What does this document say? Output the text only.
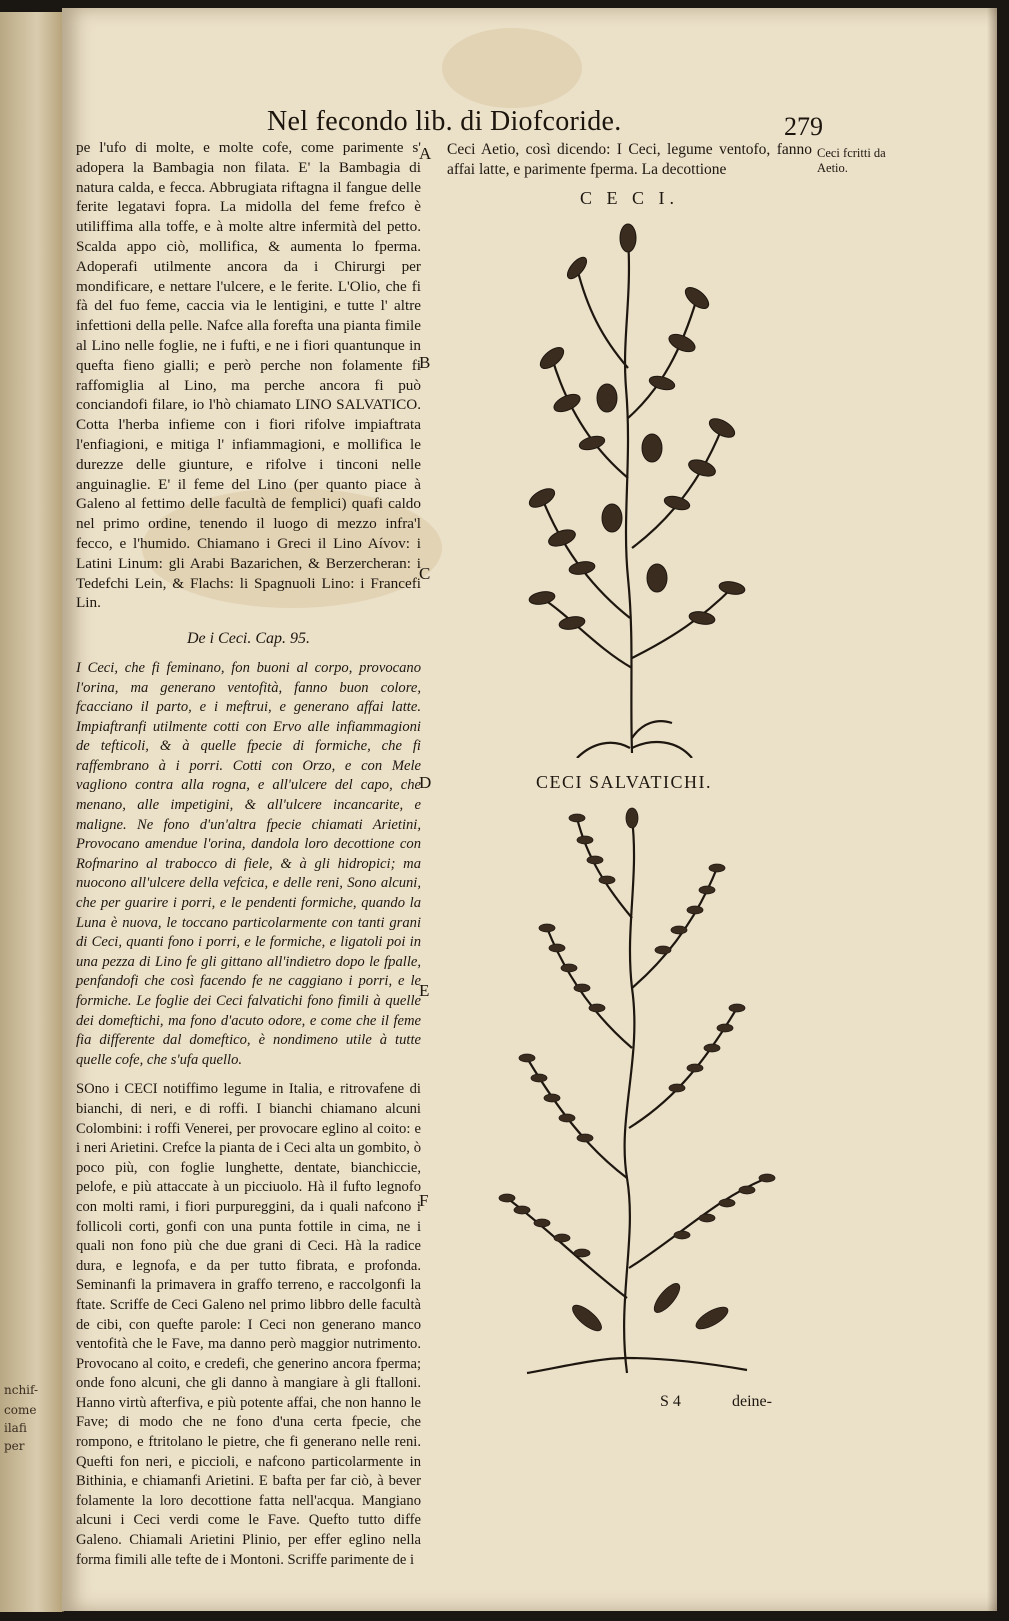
nchif-
come
ilafi
per
Nel fecondo lib. di Diofcoride.	279

pe l'ufo di molte, e molte cofe, come parimente s' adopera la Bambagia non filata. E' la Bambagia di natura calda, e fecca. Abbrugiata riftagna il fangue delle ferite legatavi fopra. La midolla del feme frefco è utiliffima alla toffe, e à molte altre infermità del petto. Scalda appo ciò, mollifica, & aumenta lo fperma. Adoperafi utilmente ancora da i Chirurgi per mondificare, e nettare l'ulcere, e le ferite. L'Olio, che fi fà del fuo feme, caccia via le lentigini, e tutte l' altre infettioni della pelle. Nafce alla forefta una pianta fimile al Lino nelle foglie, ne i fufti, e ne i fiori quantunque in quefta fieno gialli; e però perche non folamente fi raffomiglia al Lino, ma perche ancora fi può conciandofi filare, io l'hò chiamato LINO SALVATICO. Cotta l'herba infieme con i fiori rifolve impiaftrata l'enfiagioni, e mitiga l' infiammagioni, e mollifica le durezze delle giunture, e rifolve i tinconi nelle anguinaglie. E' il feme del Lino (per quanto piace à Galeno al fettimo delle facultà de femplici) quafi caldo nel primo ordine, tenendo il luogo di mezzo infra'l fecco, e l'humido. Chiamano i Greci il Lino Aívov: i Latini Linum: gli Arabi Bazarichen, & Berzercheran: i Tedefchi Lein, & Flachs: li Spagnuoli Lino: i Francefi Lin.

De i Ceci. Cap. 95.

I Ceci, che fi feminano, fon buoni al corpo, provocano l'orina, ma generano ventofità, fanno buon colore, fcacciano il parto, e i meftrui, e generano affai latte. Impiaftranfi utilmente cotti con Ervo alle infiammagioni de tefticoli, & à quelle fpecie di formiche, che fi raffembrano à i porri. Cotti con Orzo, e con Mele vagliono contra alla rogna, e all'ulcere del capo, che menano, alle impetigini, & all'ulcere incancarite, e maligne. Ne fono d'un'altra fpecie chiamati Arietini, Provocano amendue l'orina, dandola loro decottione con Rofmarino al trabocco di fiele, & à gli hidropici; ma nuocono all'ulcere della vefcica, e delle reni, Sono alcuni, che per guarire i porri, e le pendenti formiche, quando la Luna è nuova, le toccano particolarmente con tanti grani di Ceci, quanti fono i porri, e le formiche, e ligatoli poi in una pezza di Lino fe gli gittano all'indietro dopo le fpalle, penfandofi che così facendo fe ne caggiano i porri, e le formiche. Le foglie dei Ceci falvatichi fono fimili à quelle dei domeftichi, ma fono d'acuto odore, e come che il feme fia differente dal domeftico, è nondimeno utile à tutte quelle cofe, che s'ufa quello.

SOno i CECI notiffimo legume in Italia, e ritrovafene di bianchi, di neri, e di roffi. I bianchi chiamano alcuni Colombini: i roffi Venerei, per provocare eglino al coito: e i neri Arietini. Crefce la pianta de i Ceci alta un gombito, ò poco più, con foglie lunghette, dentate, bianchiccie, pelofe, e più attaccate à un picciuolo. Hà il fufto legnofo con molti rami, i fiori purpureggini, da i quali nafcono i follicoli corti, gonfi con una punta fottile in cima, ne i quali non fono più che due grani di Ceci. Hà la radice dura, e legnofa, e da per tutto fibrata, e profonda. Seminanfi la primavera in graffo terreno, e raccolgonfi la ftate. Scriffe de Ceci Galeno nel primo libbro delle facultà de cibi, con quefte parole: I Ceci non generano manco ventofità che le Fave, ma danno però maggior nutrimento. Provocano al coito, e credefi, che generino ancora fperma; onde fono alcuni, che gli danno à mangiare à gli ftalloni. Hanno virtù afterfiva, e più potente affai, che non hanno le Fave; di modo che ne fono d'una certa fpecie, che rompono, e ftritolano le pietre, che fi generano nelle reni. Quefti fon neri, e piccioli, e nafcono particolarmente in Bithinia, e chiamanfi Arietini. E bafta per far ciò, à bever folamente la loro decottione fatta nell'acqua. Mangiano alcuni i Ceci verdi come le Fave. Quefto tutto diffe Galeno. Chiamali Arietini Plinio, per effer eglino nella forma fimili alle tefte de i Montoni. Scriffe parimente de i

A
B
C
D
E
F

Ceci Aetio, così dicendo: I Ceci, legume ventofo, fanno affai latte, e parimente fperma. La decottione

Ceci fcritti da Aetio.
C E C I.
CECI SALVATICHI.
S 4	deine-
